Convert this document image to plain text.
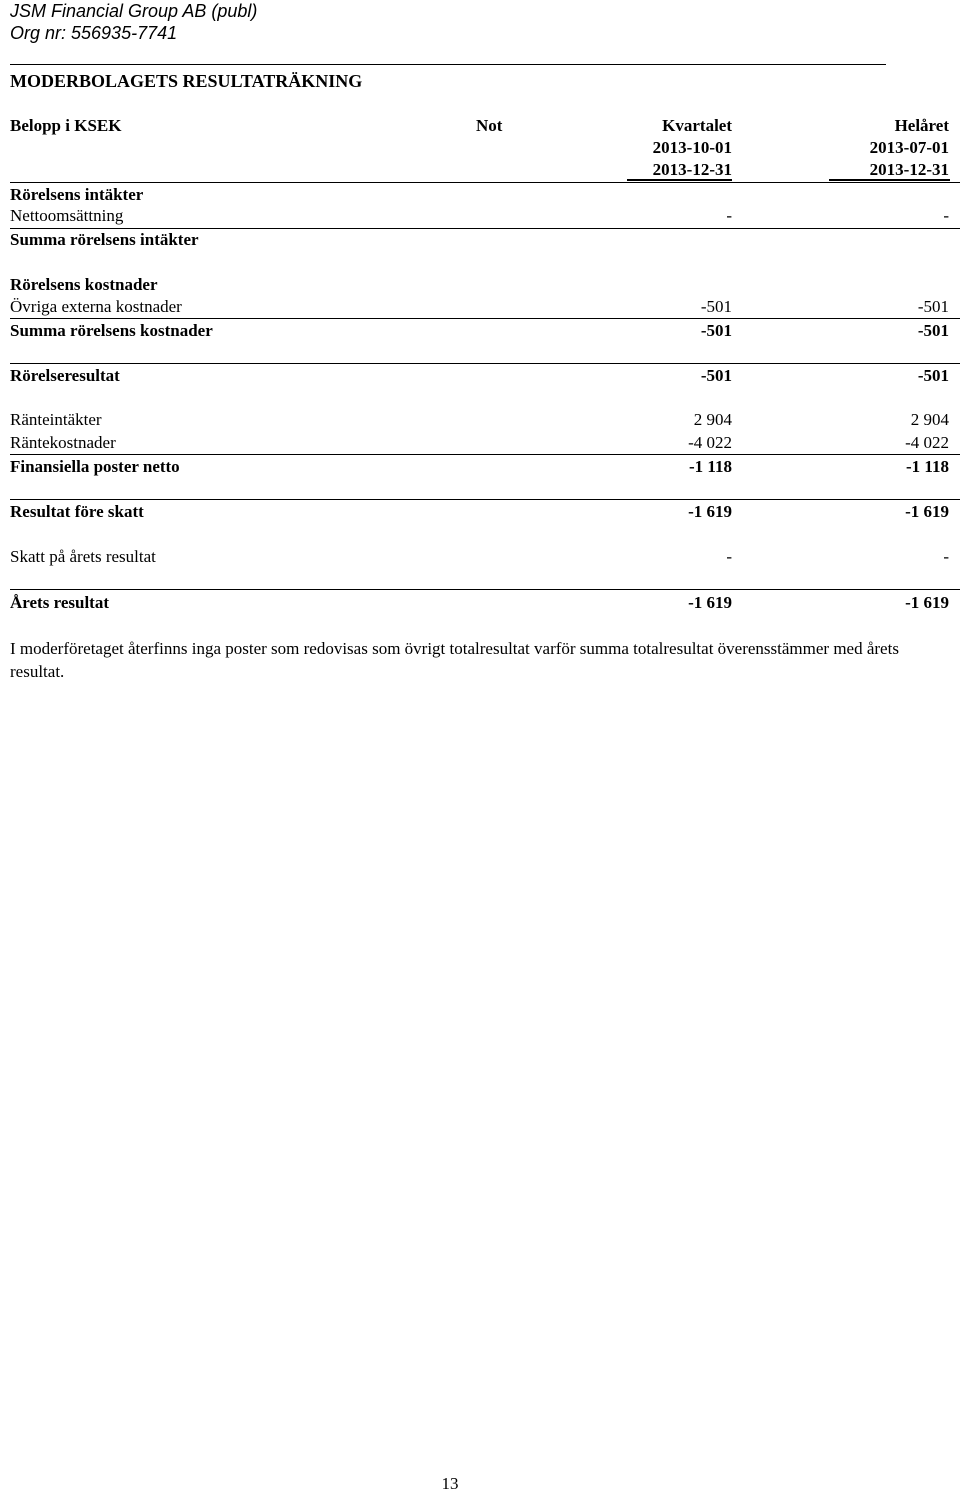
JSM Financial Group AB (publ)
Org nr: 556935-7741
MODERBOLAGETS RESULTATRÄKNING
Belopp i KSEK	Not	Kvartalet	Helåret
2013-10-01	2013-07-01
2013-12-31	2013-12-31
Rörelsens intäkter
Nettoomsättning	-	-
Summa rörelsens intäkter
Rörelsens kostnader
Övriga externa kostnader	-501	-501
Summa rörelsens kostnader	-501	-501
Rörelseresultat	-501	-501
Ränteintäkter	2 904	2 904
Räntekostnader	-4 022	-4 022
Finansiella poster netto	-1 118	-1 118
Resultat före skatt	-1 619	-1 619
Skatt på årets resultat	-	-
Årets resultat	-1 619	-1 619
I moderföretaget återfinns inga poster som redovisas som övrigt totalresultat varför summa totalresultat överensstämmer med årets resultat.
13
